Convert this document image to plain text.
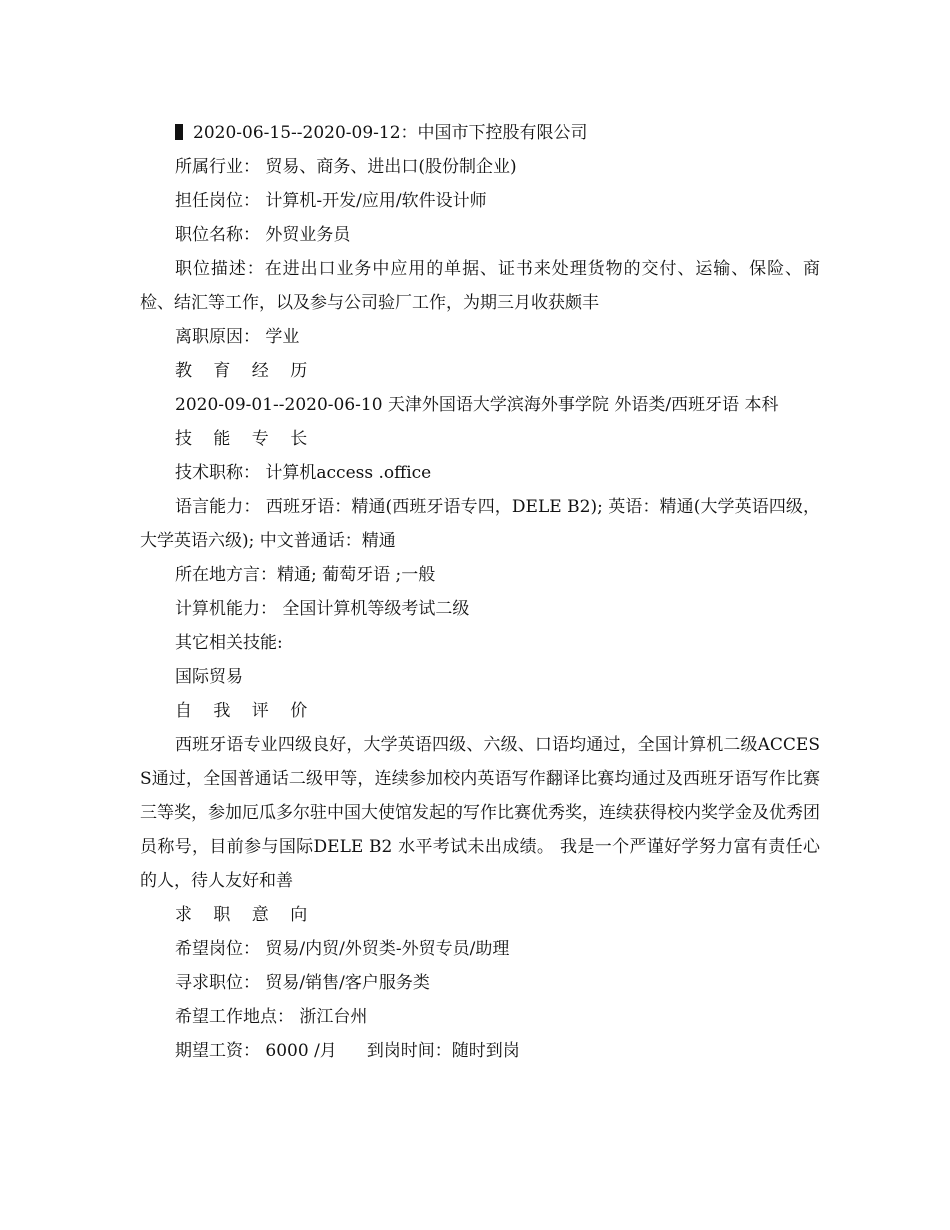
2020-06-15--2020-09-12：中国市下控股有限公司
所属行业： 贸易、商务、进出口(股份制企业)
担任岗位： 计算机-开发/应用/软件设计师
职位名称： 外贸业务员
职位描述：在进出口业务中应用的单据、证书来处理货物的交付、运输、保险、商检、结汇等工作，以及参与公司验厂工作，为期三月收获颇丰
离职原因： 学业
教 育 经 历
2020-09-01--2020-06-10 天津外国语大学滨海外事学院 外语类/西班牙语 本科
技 能 专 长
技术职称： 计算机access .office
语言能力： 西班牙语：精通(西班牙语专四，DELE B2); 英语：精通(大学英语四级，大学英语六级); 中文普通话：精通
所在地方言：精通; 葡萄牙语 ;一般
计算机能力： 全国计算机等级考试二级
其它相关技能:
国际贸易
自 我 评 价
西班牙语专业四级良好，大学英语四级、六级、口语均通过，全国计算机二级ACCESS通过，全国普通话二级甲等，连续参加校内英语写作翻译比赛均通过及西班牙语写作比赛三等奖，参加厄瓜多尔驻中国大使馆发起的写作比赛优秀奖，连续获得校内奖学金及优秀团员称号，目前参与国际DELE B2 水平考试未出成绩。 我是一个严谨好学努力富有责任心的人，待人友好和善
求 职 意 向
希望岗位： 贸易/内贸/外贸类-外贸专员/助理
寻求职位： 贸易/销售/客户服务类
希望工作地点： 浙江台州
期望工资： 6000 /月 到岗时间：随时到岗
